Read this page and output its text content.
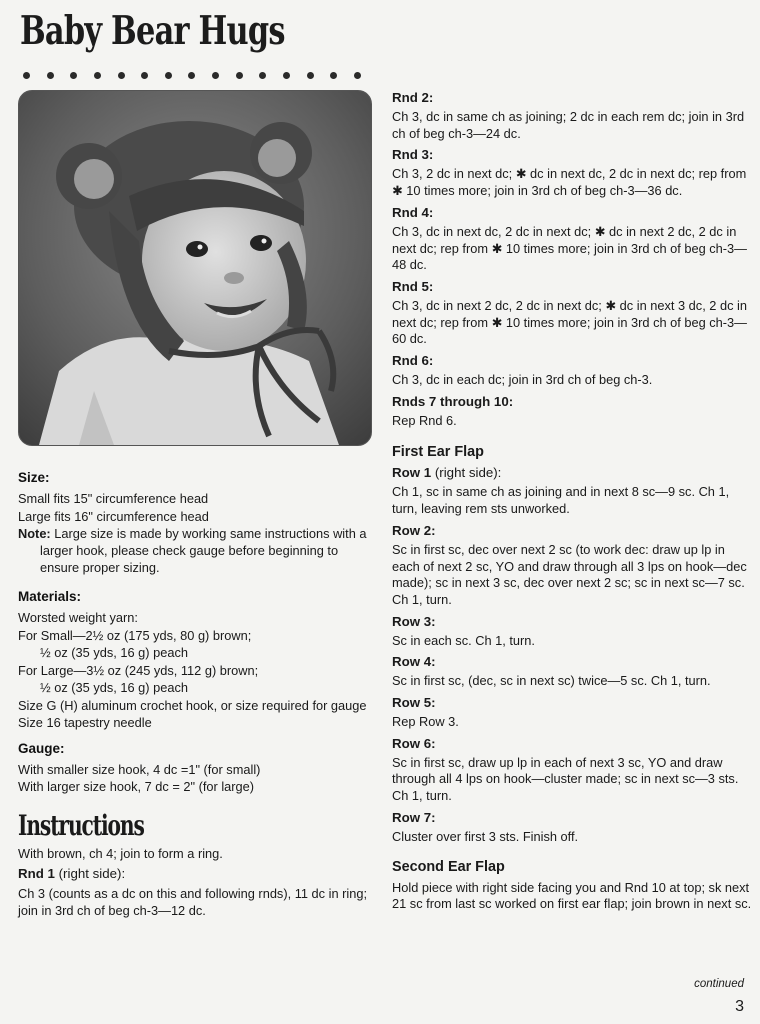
Baby Bear Hugs
Size:
Small fits 15" circumference head
Large fits 16" circumference head
Note: Large size is made by working same instructions with a larger hook, please check gauge before beginning to ensure proper sizing.
Materials:
Worsted weight yarn:
For Small—2½ oz (175 yds, 80 g) brown;
½ oz (35 yds, 16 g) peach
For Large—3½ oz (245 yds, 112 g) brown;
½ oz (35 yds, 16 g) peach
Size G (H) aluminum crochet hook, or size required for gauge
Size 16 tapestry needle
Gauge:
With smaller size hook, 4 dc =1" (for small)
With larger size hook, 7 dc = 2" (for large)
Instructions
With brown, ch 4; join to form a ring.
Rnd 1 (right side):
Ch 3 (counts as a dc on this and following rnds), 11 dc in ring; join in 3rd ch of beg ch-3—12 dc.
Rnd 2:
Ch 3, dc in same ch as joining; 2 dc in each rem dc; join in 3rd ch of beg ch-3—24 dc.
Rnd 3:
Ch 3, 2 dc in next dc; ✱ dc in next dc, 2 dc in next dc; rep from ✱ 10 times more; join in 3rd ch of beg ch-3—36 dc.
Rnd 4:
Ch 3, dc in next dc, 2 dc in next dc; ✱ dc in next 2 dc, 2 dc in next dc; rep from ✱ 10 times more; join in 3rd ch of beg ch-3—48 dc.
Rnd 5:
Ch 3, dc in next 2 dc, 2 dc in next dc; ✱ dc in next 3 dc, 2 dc in next dc; rep from ✱ 10 times more; join in 3rd ch of beg ch-3—60 dc.
Rnd 6:
Ch 3, dc in each dc; join in 3rd ch of beg ch-3.
Rnds 7 through 10:
Rep Rnd 6.
First Ear Flap
Row 1 (right side):
Ch 1, sc in same ch as joining and in next 8 sc—9 sc. Ch 1, turn, leaving rem sts unworked.
Row 2:
Sc in first sc, dec over next 2 sc (to work dec: draw up lp in each of next 2 sc, YO and draw through all 3 lps on hook—dec made); sc in next 3 sc, dec over next 2 sc; sc in next sc—7 sc. Ch 1, turn.
Row 3:
Sc in each sc. Ch 1, turn.
Row 4:
Sc in first sc, (dec, sc in next sc) twice—5 sc. Ch 1, turn.
Row 5:
Rep Row 3.
Row 6:
Sc in first sc, draw up lp in each of next 3 sc, YO and draw through all 4 lps on hook—cluster made; sc in next sc—3 sts. Ch 1, turn.
Row 7:
Cluster over first 3 sts. Finish off.
Second Ear Flap
Hold piece with right side facing you and Rnd 10 at top; sk next 21 sc from last sc worked on first ear flap; join brown in next sc.
continued
3
